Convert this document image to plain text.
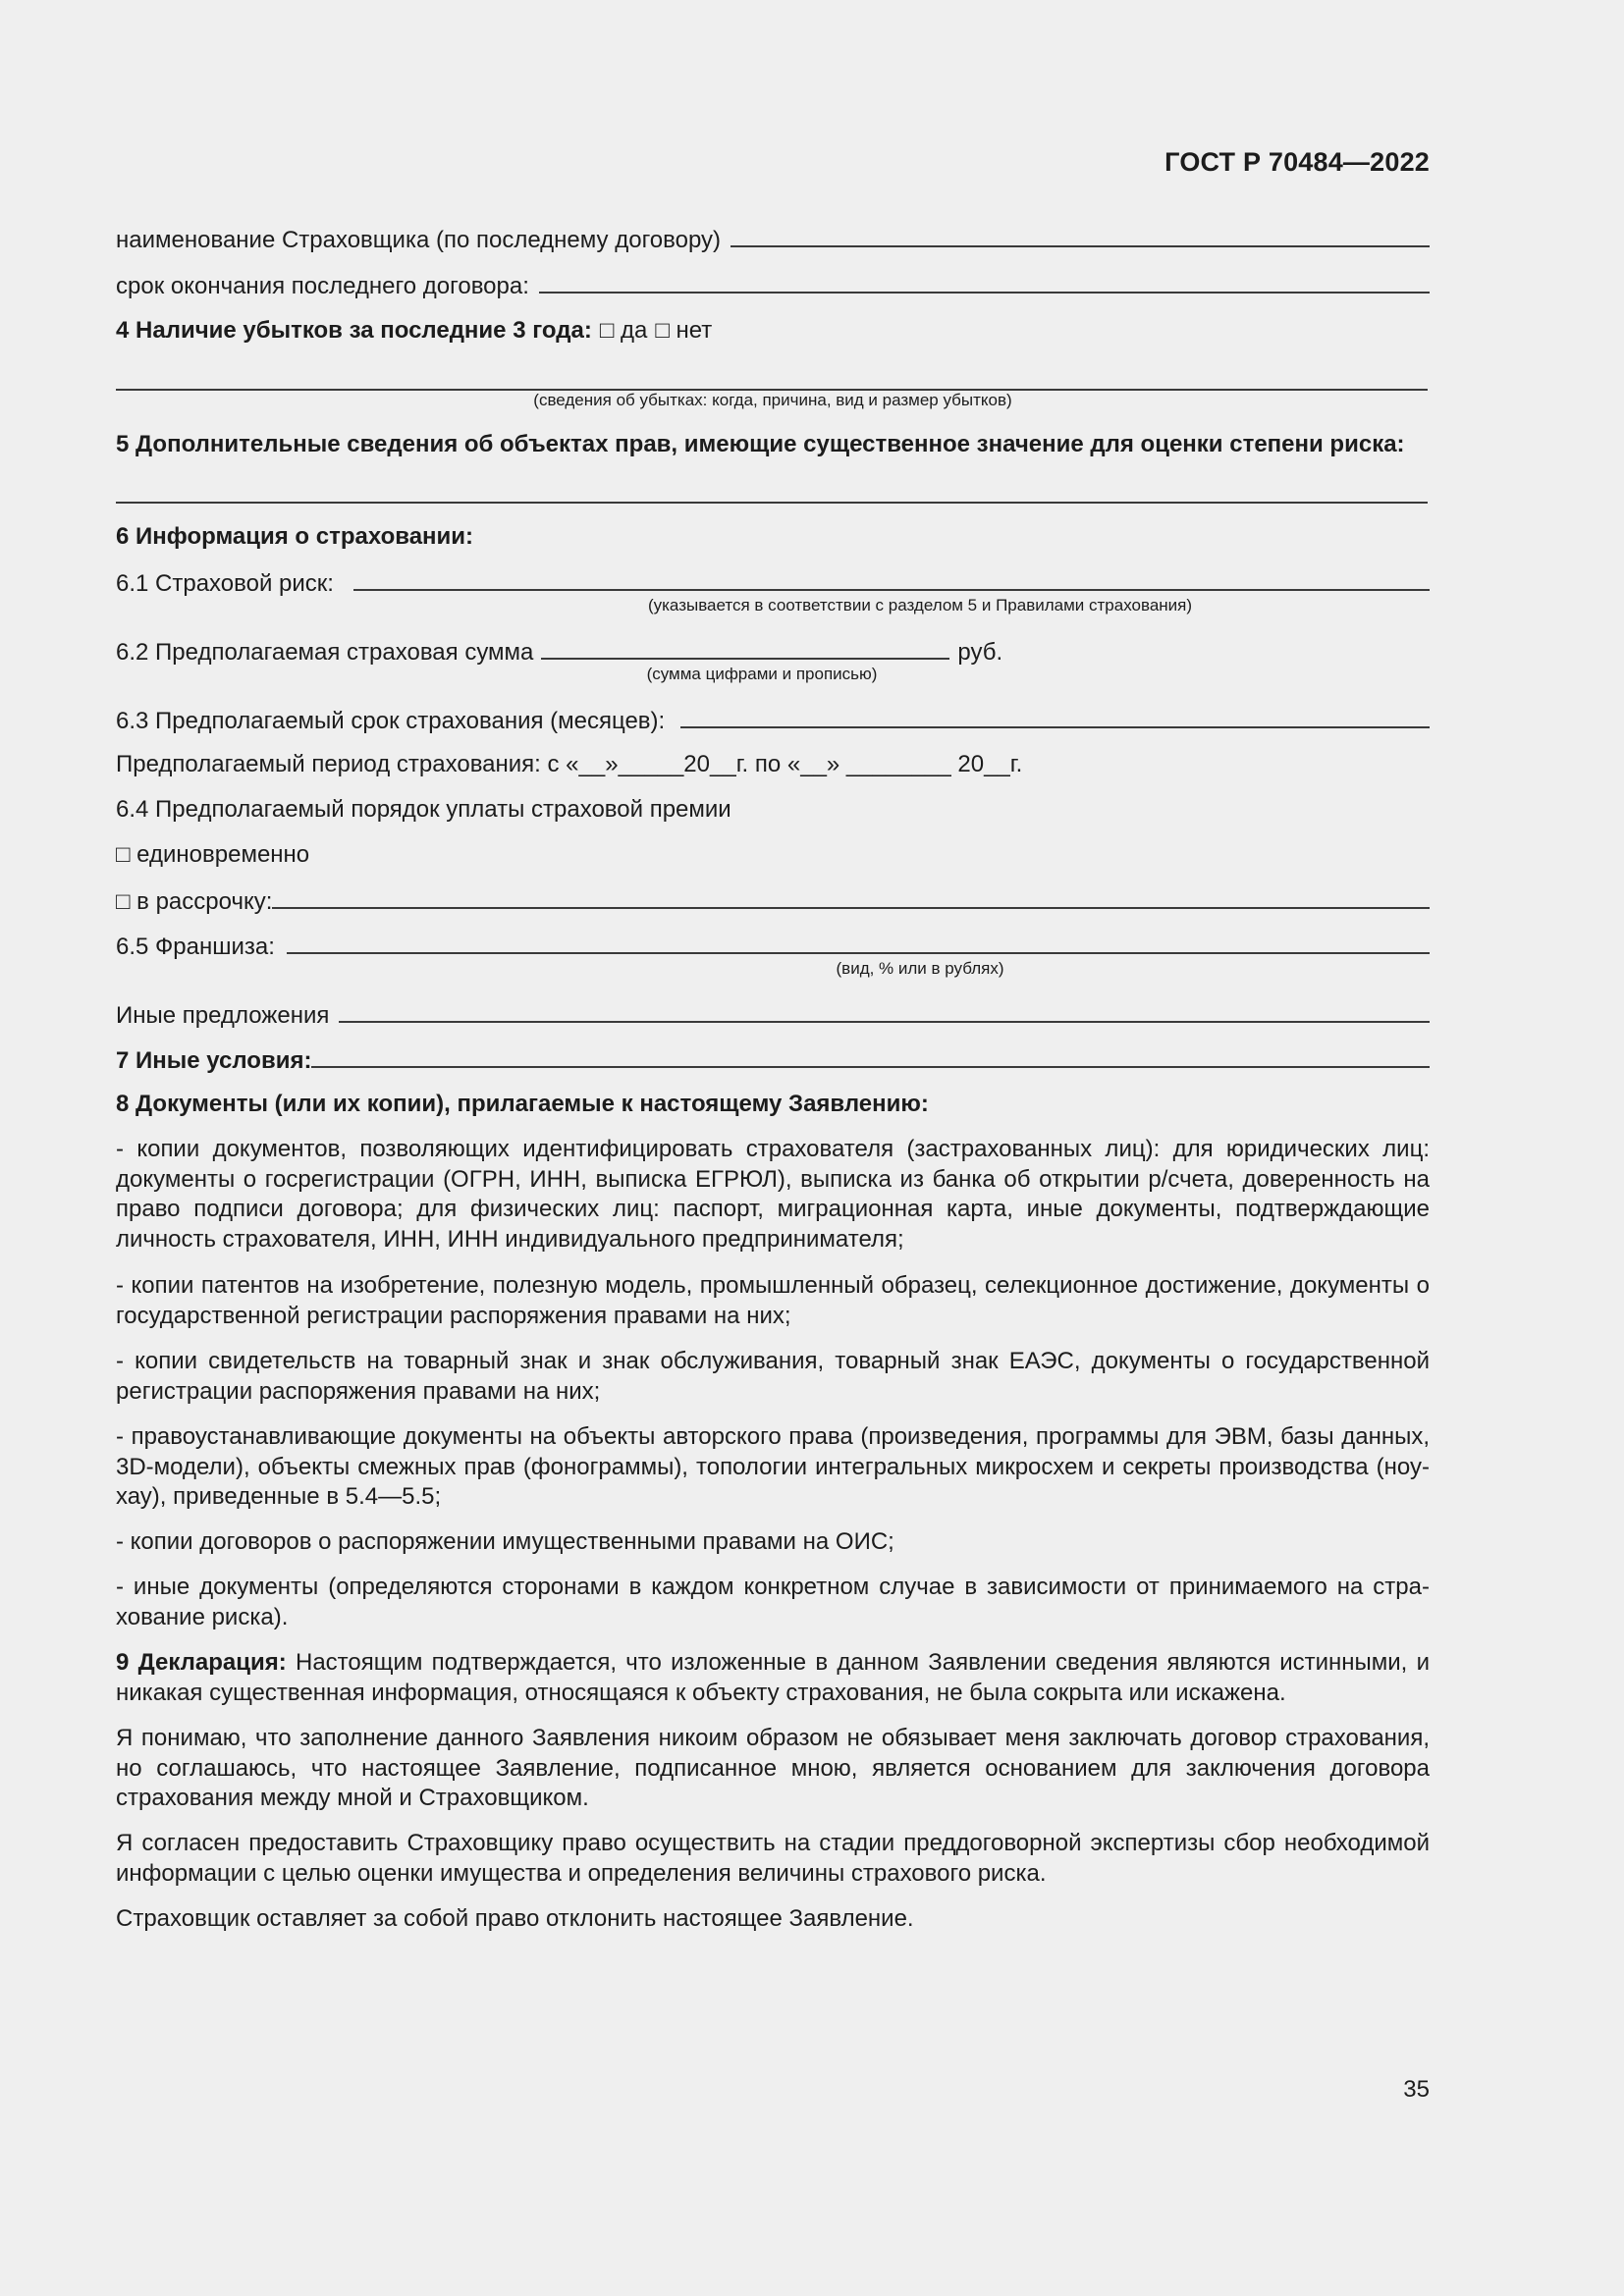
ГОСТ Р 70484—2022
наименование Страховщика (по последнему договору)
срок окончания последнего договора:
4 Наличие убытков за последние 3 года: □ да □ нет
(сведения об убытках: когда, причина, вид и размер убытков)
5 Дополнительные сведения об объектах прав, имеющие существенное значение для оценки степени риска:
6 Информация о страховании:
6.1 Страховой риск:
(указывается в соответствии с разделом 5 и Правилами страхования)
6.2 Предполагаемая страховая сумма	руб.
(сумма цифрами и прописью)
6.3 Предполагаемый срок страхования (месяцев):
Предполагаемый период страхования: с «__»_____20__г. по «__» ________ 20__г.
6.4 Предполагаемый порядок уплаты страховой премии
□ единовременно
□ в рассрочку:
6.5 Франшиза:
(вид, % или в рублях)
Иные предложения
7 Иные условия:
8 Документы (или их копии), прилагаемые к настоящему Заявлению:
- копии документов, позволяющих идентифицировать страхователя (застрахованных лиц): для юридических лиц: документы о госрегистрации (ОГРН, ИНН, выписка ЕГРЮЛ), выписка из банка об открытии р/счета, доверенность на право подписи договора; для физических лиц: паспорт, миграционная карта, иные документы, подтверждающие личность страхователя, ИНН, ИНН индивидуального предпринимателя;
- копии патентов на изобретение, полезную модель, промышленный образец, селекционное достижение, документы о государственной регистрации распоряжения правами на них;
- копии свидетельств на товарный знак и знак обслуживания, товарный знак ЕАЭС, документы о государственной регистрации распоряжения правами на них;
- правоустанавливающие документы на объекты авторского права (произведения, программы для ЭВМ, базы данных, 3D-модели), объекты смежных прав (фонограммы), топологии интегральных микросхем и секреты производства (ноу-хау), приведенные в 5.4—5.5;
- копии договоров о распоряжении имущественными правами на ОИС;
- иные документы (определяются сторонами в каждом конкретном случае в зависимости от принимаемого на страхование риска).
9 Декларация: Настоящим подтверждается, что изложенные в данном Заявлении сведения являются истинными, и никакая существенная информация, относящаяся к объекту страхования, не была сокрыта или искажена.
Я понимаю, что заполнение данного Заявления никоим образом не обязывает меня заключать договор страхования, но соглашаюсь, что настоящее Заявление, подписанное мною, является основанием для заключения договора страхования между мной и Страховщиком.
Я согласен предоставить Страховщику право осуществить на стадии преддоговорной экспертизы сбор необходимой информации с целью оценки имущества и определения величины страхового риска.
Страховщик оставляет за собой право отклонить настоящее Заявление.
35
